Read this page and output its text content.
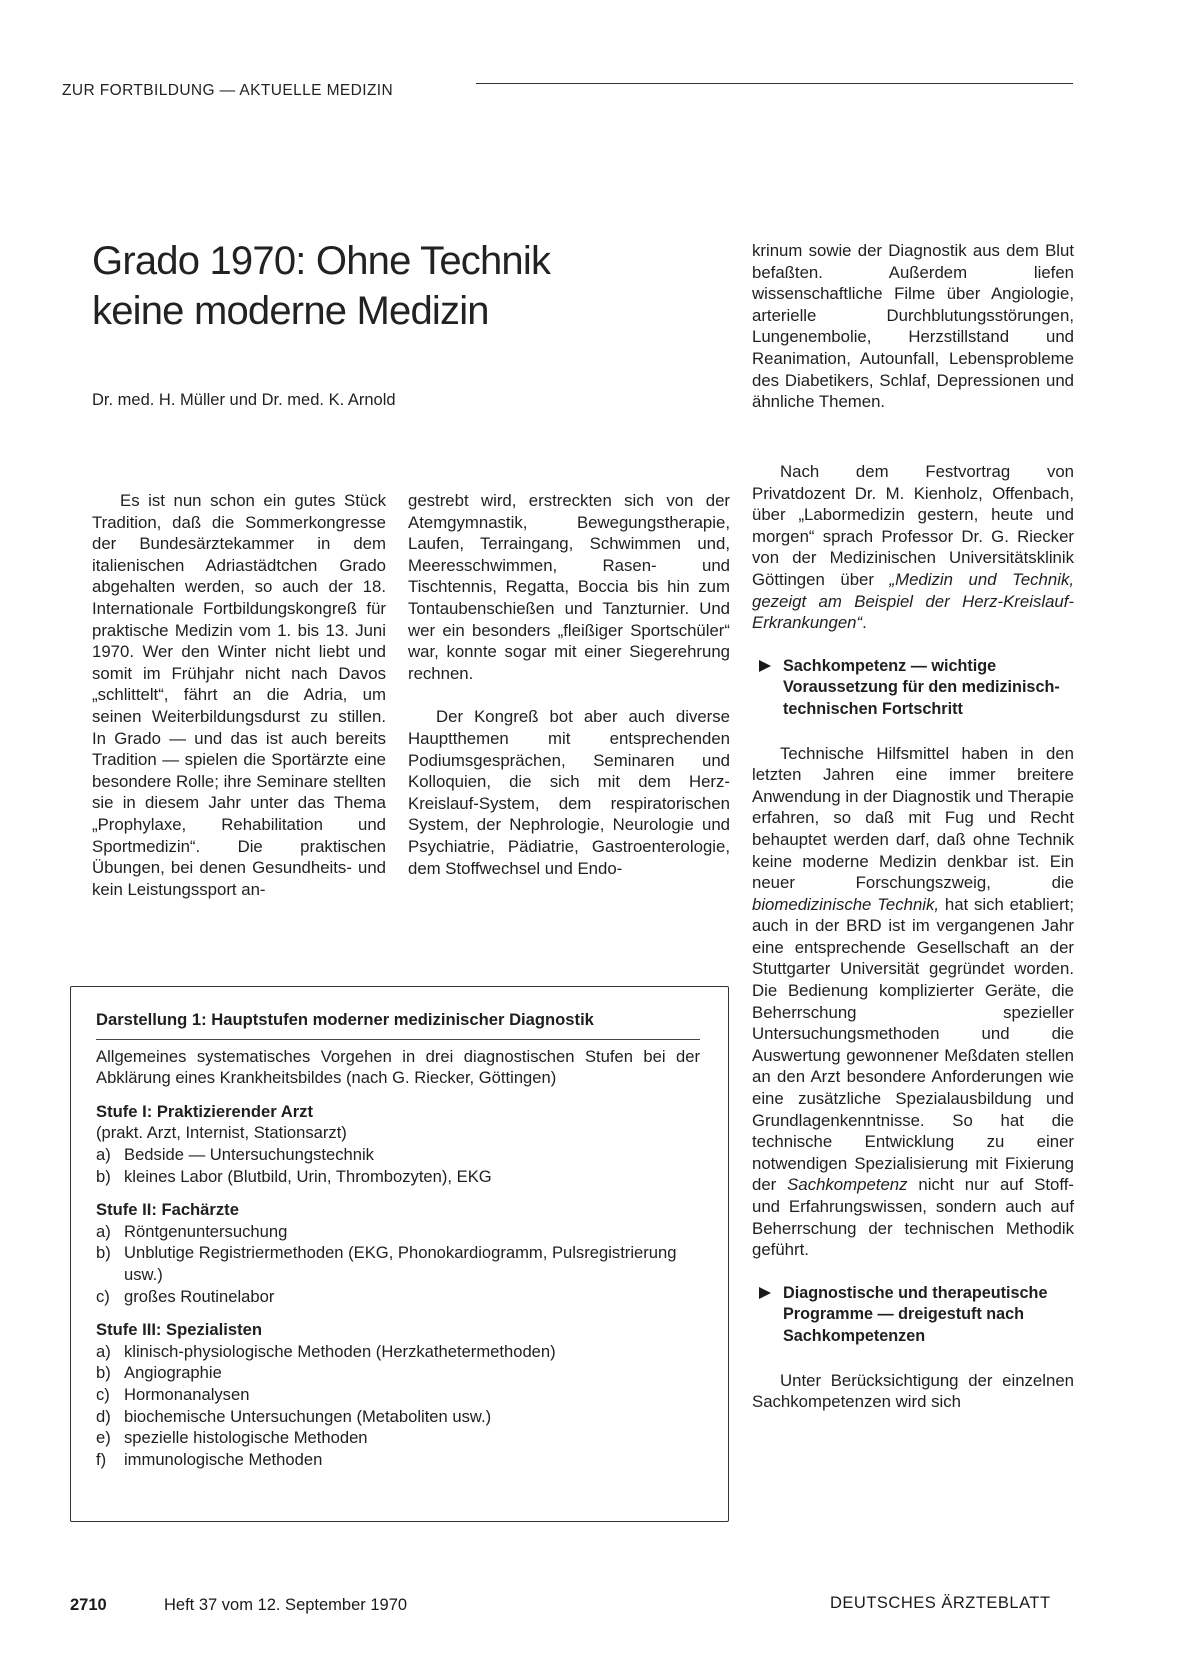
ZUR FORTBILDUNG — AKTUELLE MEDIZIN
Grado 1970: Ohne Technik
keine moderne Medizin
Dr. med. H. Müller und Dr. med. K. Arnold

Es ist nun schon ein gutes Stück Tradition, daß die Sommerkongresse der Bundesärztekammer in dem italienischen Adriastädtchen Grado abgehalten werden, so auch der 18. Internationale Fortbildungskongreß für praktische Medizin vom 1. bis 13. Juni 1970. Wer den Winter nicht liebt und somit im Frühjahr nicht nach Davos „schlittelt“, fährt an die Adria, um seinen Weiterbildungsdurst zu stillen. In Grado — und das ist auch bereits Tradition — spielen die Sportärzte eine besondere Rolle; ihre Seminare stellten sie in diesem Jahr unter das Thema „Prophylaxe, Rehabilitation und Sportmedizin“. Die praktischen Übungen, bei denen Gesundheits- und kein Leistungssport an-

gestrebt wird, erstreckten sich von der Atemgymnastik, Bewegungstherapie, Laufen, Terraingang, Schwimmen und, Meeresschwimmen, Rasen- und Tischtennis, Regatta, Boccia bis hin zum Tontaubenschießen und Tanzturnier. Und wer ein besonders „fleißiger Sportschüler“ war, konnte sogar mit einer Siegerehrung rechnen.

Der Kongreß bot aber auch diverse Hauptthemen mit entsprechenden Podiumsgesprächen, Seminaren und Kolloquien, die sich mit dem Herz-Kreislauf-System, dem respiratorischen System, der Nephrologie, Neurologie und Psychiatrie, Pädiatrie, Gastroenterologie, dem Stoffwechsel und Endo-

krinum sowie der Diagnostik aus dem Blut befaßten. Außerdem liefen wissenschaftliche Filme über Angiologie, arterielle Durchblutungsstörungen, Lungenembolie, Herzstillstand und Reanimation, Autounfall, Lebensprobleme des Diabetikers, Schlaf, Depressionen und ähnliche Themen.

Nach dem Festvortrag von Privatdozent Dr. M. Kienholz, Offenbach, über „Labormedizin gestern, heute und morgen“ sprach Professor Dr. G. Riecker von der Medizinischen Universitätsklinik Göttingen über „Medizin und Technik, gezeigt am Beispiel der Herz-Kreislauf-Erkrankungen“.

Sachkompetenz — wichtige Voraussetzung für den medizinisch-technischen Fortschritt

Technische Hilfsmittel haben in den letzten Jahren eine immer breitere Anwendung in der Diagnostik und Therapie erfahren, so daß mit Fug und Recht behauptet werden darf, daß ohne Technik keine moderne Medizin denkbar ist. Ein neuer Forschungszweig, die biomedizinische Technik, hat sich etabliert; auch in der BRD ist im vergangenen Jahr eine entsprechende Gesellschaft an der Stuttgarter Universität gegründet worden. Die Bedienung komplizierter Geräte, die Beherrschung spezieller Untersuchungsmethoden und die Auswertung gewonnener Meßdaten stellen an den Arzt besondere Anforderungen wie eine zusätzliche Spezialausbildung und Grundlagenkenntnisse. So hat die technische Entwicklung zu einer notwendigen Spezialisierung mit Fixierung der Sachkompetenz nicht nur auf Stoff- und Erfahrungswissen, sondern auch auf Beherrschung der technischen Methodik geführt.

Diagnostische und therapeutische Programme — dreigestuft nach Sachkompetenzen

Unter Berücksichtigung der einzelnen Sachkompetenzen wird sich

Darstellung 1: Hauptstufen moderner medizinischer Diagnostik
Allgemeines systematisches Vorgehen in drei diagnostischen Stufen bei der Abklärung eines Krankheitsbildes (nach G. Riecker, Göttingen)
Stufe I: Praktizierender Arzt
(prakt. Arzt, Internist, Stationsarzt)
a) Bedside — Untersuchungstechnik
b) kleines Labor (Blutbild, Urin, Thrombozyten), EKG
Stufe II: Fachärzte
a) Röntgenuntersuchung
b) Unblutige Registriermethoden (EKG, Phonokardiogramm, Pulsregistrierung usw.)
c) großes Routinelabor
Stufe III: Spezialisten
a) klinisch-physiologische Methoden (Herzkathetermethoden)
b) Angiographie
c) Hormonanalysen
d) biochemische Untersuchungen (Metaboliten usw.)
e) spezielle histologische Methoden
f) immunologische Methoden
2710	Heft 37 vom 12. September 1970	DEUTSCHES ÄRZTEBLATT
